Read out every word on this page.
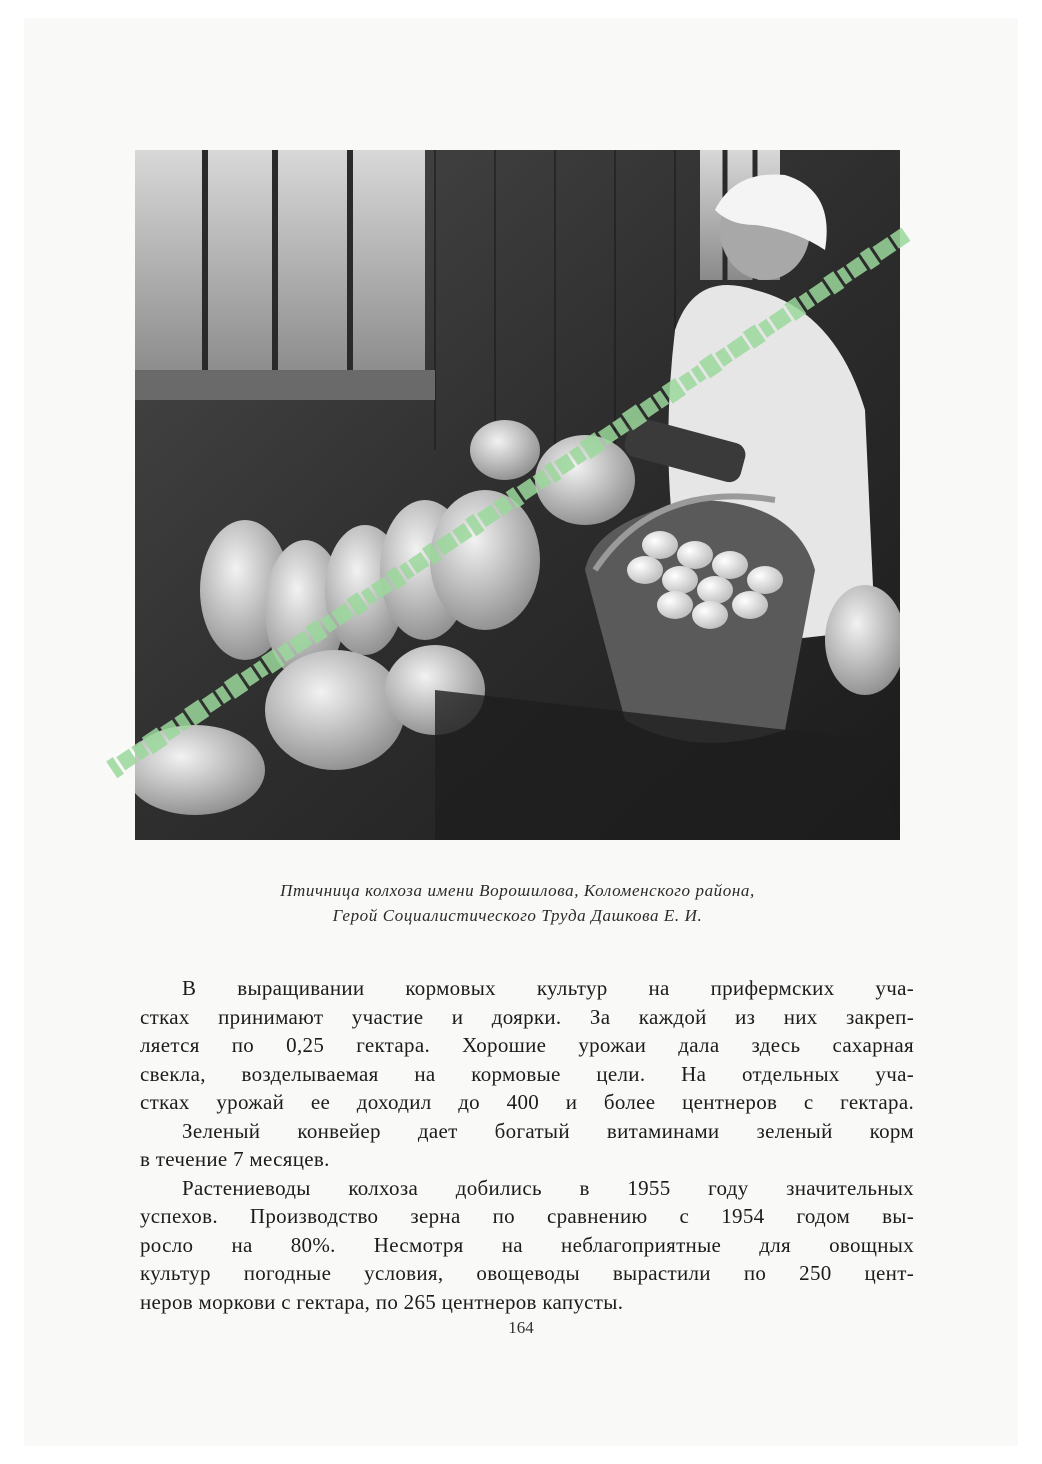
Птичница колхоза имени Ворошилова, Коломенского района,
Герой Социалистического Труда Дашкова Е. И.
В выращивании кормовых культур на прифермских уча-
стках принимают участие и доярки. За каждой из них закреп-
ляется по 0,25 гектара. Хорошие урожаи дала здесь сахарная
свекла, возделываемая на кормовые цели. На отдельных уча-
стках урожай ее доходил до 400 и более центнеров с гектара.
Зеленый конвейер дает богатый витаминами зеленый корм
в течение 7 месяцев.
Растениеводы колхоза добились в 1955 году значительных
успехов. Производство зерна по сравнению с 1954 годом вы-
росло на 80%. Несмотря на неблагоприятные для овощных
культур погодные условия, овощеводы вырастили по 250 цент-
неров моркови с гектара, по 265 центнеров капусты.
164
